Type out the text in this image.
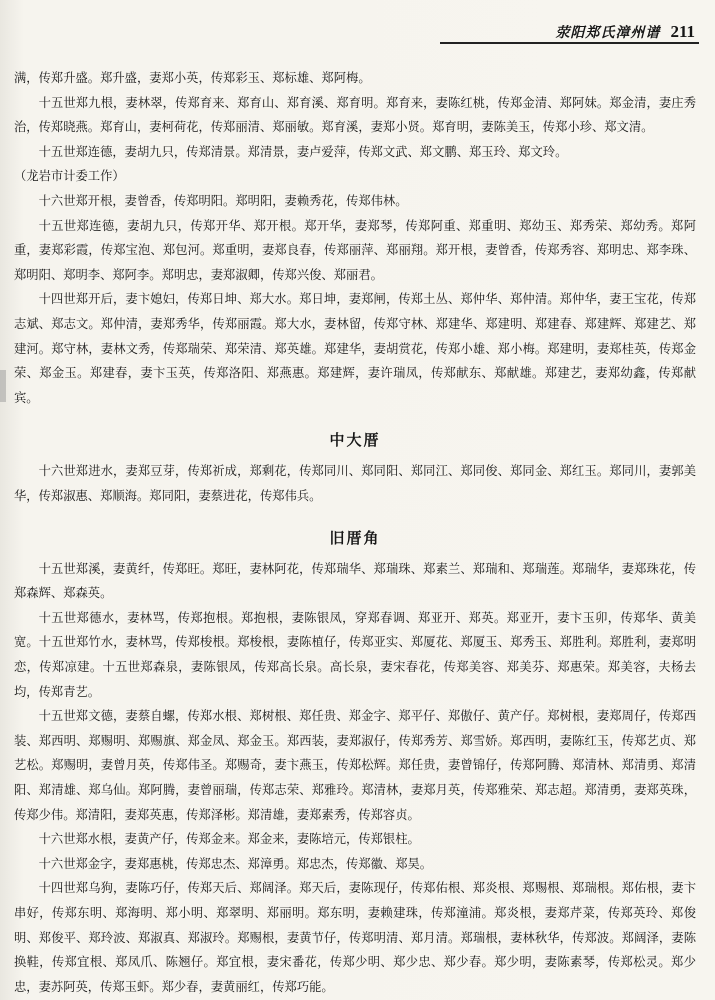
荥阳郑氏漳州谱 211

满，传郑升盛。郑升盛，妻郑小英，传郑彩玉、郑标雄、郑阿梅。

十五世郑九根，妻林翠，传郑育来、郑育山、郑育溪、郑育明。郑育来，妻陈红桃，传郑金清、郑阿妹。郑金清，妻庄秀治，传郑晓燕。郑育山，妻柯荷花，传郑丽清、郑丽敏。郑育溪，妻郑小贤。郑育明，妻陈美玉，传郑小珍、郑文清。

十五世郑连德，妻胡九只，传郑清景。郑清景，妻卢爱萍，传郑文武、郑文鹏、郑玉玲、郑文玲。

（龙岩市计委工作）

十六世郑开根，妻曾香，传郑明阳。郑明阳，妻赖秀花，传郑伟林。

十五世郑连德，妻胡九只，传郑开华、郑开根。郑开华，妻郑琴，传郑阿重、郑重明、郑幼玉、郑秀荣、郑幼秀。郑阿重，妻郑彩霞，传郑宝泡、郑包河。郑重明，妻郑良春，传郑丽萍、郑丽翔。郑开根，妻曾香，传郑秀容、郑明忠、郑李珠、郑明阳、郑明李、郑阿李。郑明忠，妻郑淑卿，传郑兴俊、郑丽君。

十四世郑开后，妻卞媳妇，传郑日坤、郑大水。郑日坤，妻郑闸，传郑土丛、郑仲华、郑仲清。郑仲华，妻王宝花，传郑志斌、郑志文。郑仲清，妻郑秀华，传郑丽霞。郑大水，妻林留，传郑守林、郑建华、郑建明、郑建春、郑建辉、郑建艺、郑建河。郑守林，妻林文秀，传郑瑞荣、郑荣清、郑英雄。郑建华，妻胡赏花，传郑小雄、郑小梅。郑建明，妻郑桂英，传郑金荣、郑金玉。郑建春，妻卞玉英，传郑洛阳、郑燕惠。郑建辉，妻许瑞凤，传郑献东、郑献雄。郑建艺，妻郑幼鑫，传郑献宾。

中大厝

十六世郑进水，妻郑豆芽，传郑祈成，郑剩花，传郑同川、郑同阳、郑同江、郑同俊、郑同金、郑红玉。郑同川，妻郭美华，传郑淑惠、郑顺海。郑同阳，妻蔡进花，传郑伟兵。

旧厝角

十五世郑溪，妻黄纤，传郑旺。郑旺，妻林阿花，传郑瑞华、郑瑞珠、郑素兰、郑瑞和、郑瑞莲。郑瑞华，妻郑珠花，传郑森辉、郑森英。

十五世郑德水，妻林骂，传郑抱根。郑抱根，妻陈银凤，穿郑春调、郑亚开、郑英。郑亚开，妻卞玉卯，传郑华、黄美宽。十五世郑竹水，妻林骂，传郑梭根。郑梭根，妻陈植仔，传郑亚实、郑厦花、郑厦玉、郑秀玉、郑胜利。郑胜利，妻郑明恋，传郑凉建。十五世郑森泉，妻陈银凤，传郑高长泉。高长泉，妻宋春花，传郑美容、郑美芬、郑惠荣。郑美容，夫杨去均，传郑青艺。

十五世郑文德，妻蔡自螺，传郑水根、郑树根、郑任贵、郑金字、郑平仔、郑傲仔、黄产仔。郑树根，妻郑周仔，传郑西装、郑西明、郑赐明、郑赐旗、郑金凤、郑金玉。郑西装，妻郑淑仔，传郑秀芳、郑雪娇。郑西明，妻陈红玉，传郑艺贞、郑艺松。郑赐明，妻曾月英，传郑伟圣。郑赐奇，妻卞燕玉，传郑松辉。郑任贵，妻曾锦仔，传郑阿腾、郑清林、郑清勇、郑清阳、郑清雄、郑乌仙。郑阿腾，妻曾丽瑞，传郑志荣、郑雅玲。郑清林，妻郑月英，传郑雅荣、郑志超。郑清勇，妻郑英珠，传郑少伟。郑清阳，妻郑英惠，传郑泽彬。郑清雄，妻郑素秀，传郑容贞。

十六世郑水根，妻黄产仔，传郑金来。郑金来，妻陈培元，传郑银柱。

十六世郑金字，妻郑惠桃，传郑忠杰、郑漳勇。郑忠杰，传郑徽、郑昊。

十四世郑乌狗，妻陈巧仔，传郑天后、郑阔泽。郑天后，妻陈现仔，传郑佑根、郑炎根、郑赐根、郑瑞根。郑佑根，妻卞串好，传郑东明、郑海明、郑小明、郑翠明、郑丽明。郑东明，妻赖建珠，传郑潼浦。郑炎根，妻郑芹菜，传郑英玲、郑俊明、郑俊平、郑玲波、郑淑真、郑淑玲。郑赐根，妻黄节仔，传郑明清、郑月清。郑瑞根，妻林秋华，传郑波。郑阔泽，妻陈换鞋，传郑宜根、郑凤爪、陈翘仔。郑宜根，妻宋番花，传郑少明、郑少忠、郑少春。郑少明，妻陈素琴，传郑松灵。郑少忠，妻苏阿英，传郑玉虾。郑少春，妻黄丽红，传郑巧能。
